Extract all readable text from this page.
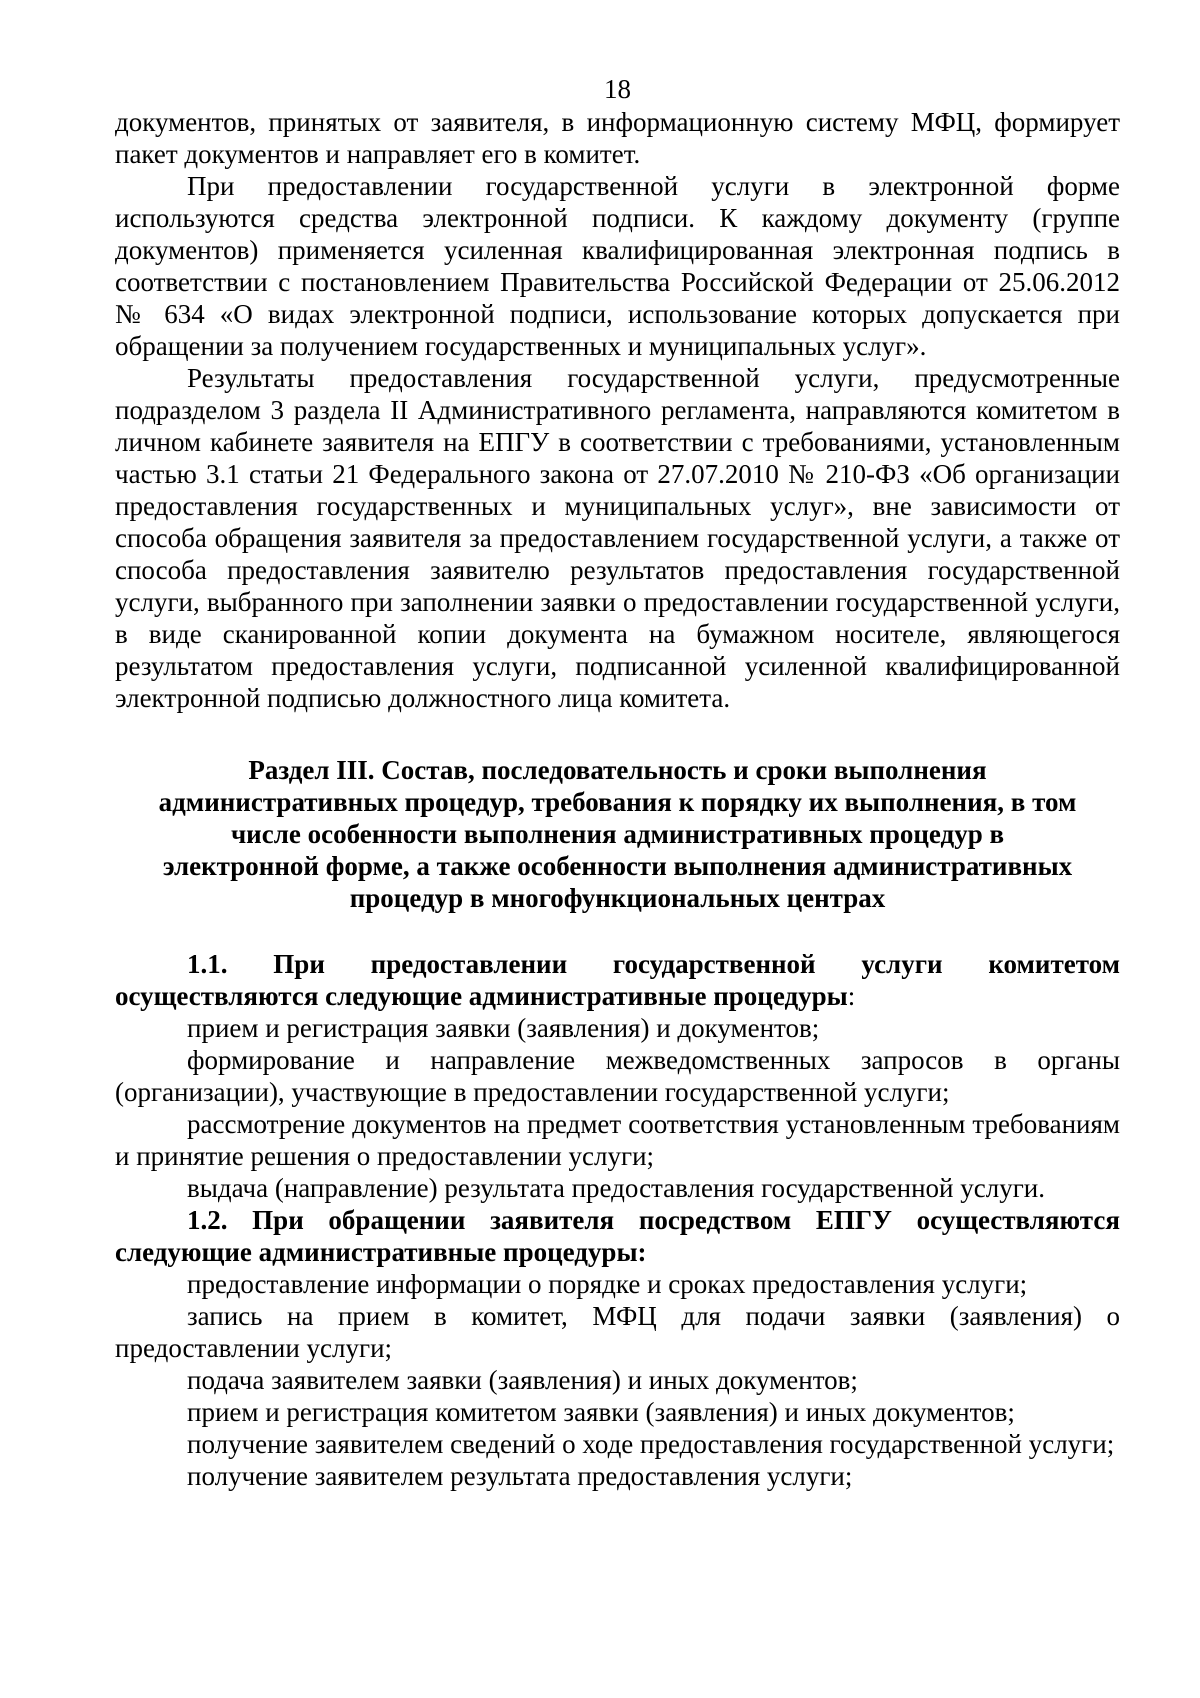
18

документов, принятых от заявителя, в информационную систему МФЦ, формирует пакет документов и направляет его в комитет.

При предоставлении государственной услуги в электронной форме используются средства электронной подписи. К каждому документу (группе документов) применяется усиленная квалифицированная электронная подпись в соответствии с постановлением Правительства Российской Федерации от 25.06.2012 № 634 «О видах электронной подписи, использование которых допускается при обращении за получением государственных и муниципальных услуг».

Результаты предоставления государственной услуги, предусмотренные подразделом 3 раздела II Административного регламента, направляются комитетом в личном кабинете заявителя на ЕПГУ в соответствии с требованиями, установленным частью 3.1 статьи 21 Федерального закона от 27.07.2010 № 210-ФЗ «Об организации предоставления государственных и муниципальных услуг», вне зависимости от способа обращения заявителя за предоставлением государственной услуги, а также от способа предоставления заявителю результатов предоставления государственной услуги, выбранного при заполнении заявки о предоставлении государственной услуги, в виде сканированной копии документа на бумажном носителе, являющегося результатом предоставления услуги, подписанной усиленной квалифицированной электронной подписью должностного лица комитета.

Раздел III. Состав, последовательность и сроки выполнения административных процедур, требования к порядку их выполнения, в том числе особенности выполнения административных процедур в электронной форме, а также особенности выполнения административных процедур в многофункциональных центрах

1.1. При предоставлении государственной услуги комитетом осуществляются следующие административные процедуры:

прием и регистрация заявки (заявления) и документов;

формирование и направление межведомственных запросов в органы (организации), участвующие в предоставлении государственной услуги;

рассмотрение документов на предмет соответствия установленным требованиям и принятие решения о предоставлении услуги;

выдача (направление) результата предоставления государственной услуги.

1.2. При обращении заявителя посредством ЕПГУ осуществляются следующие административные процедуры:

предоставление информации о порядке и сроках предоставления услуги;

запись на прием в комитет, МФЦ для подачи заявки (заявления) о предоставлении услуги;

подача заявителем заявки (заявления) и иных документов;

прием и регистрация комитетом заявки (заявления) и иных документов;

получение заявителем сведений о ходе предоставления государственной услуги;

получение заявителем результата предоставления услуги;
